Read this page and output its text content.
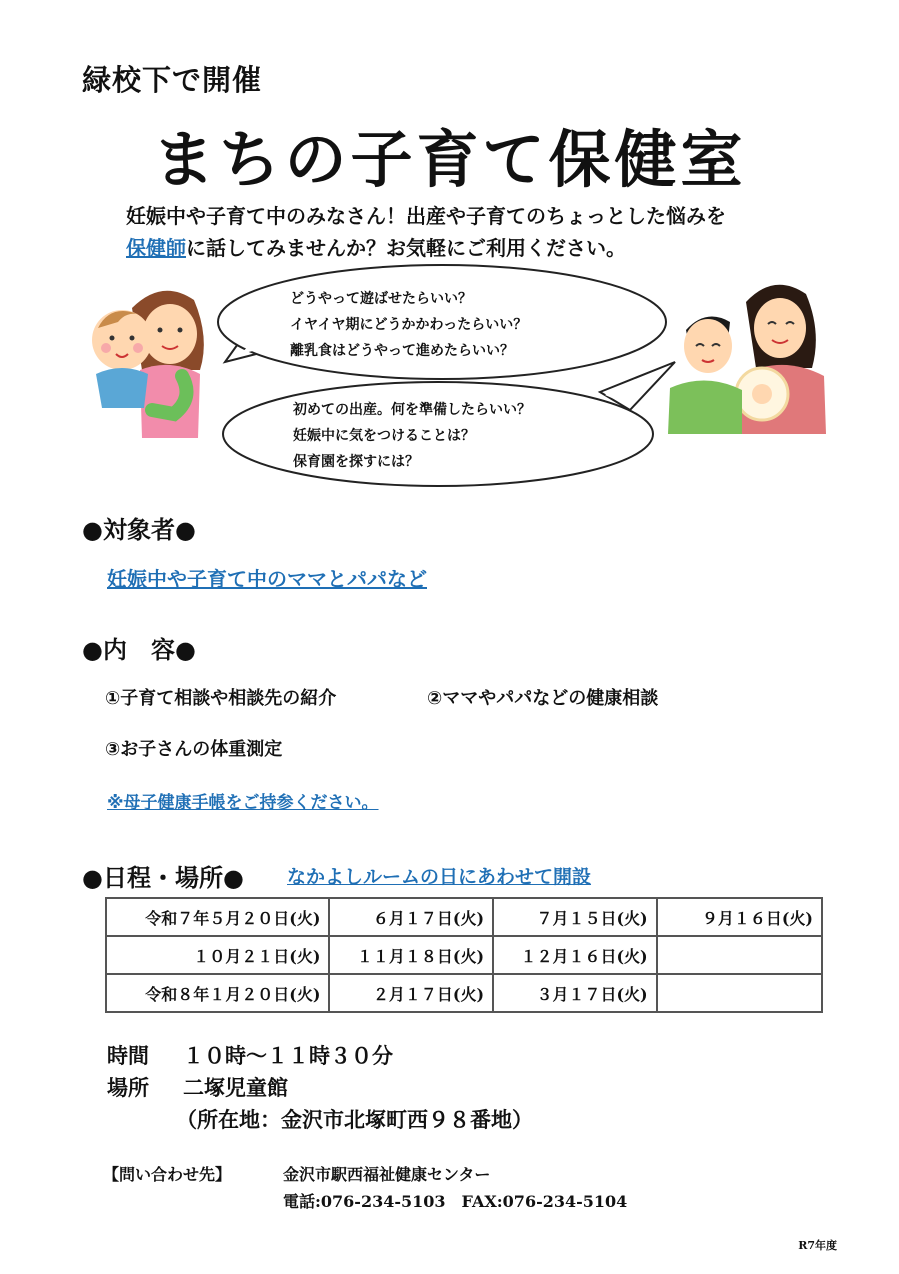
緑校下で開催
まちの子育て保健室
妊娠中や子育て中のみなさん！出産や子育てのちょっとした悩みを
保健師に話してみませんか？お気軽にご利用ください。
どうやって遊ばせたらいい？
イヤイヤ期にどうかかわったらいい？
離乳食はどうやって進めたらいい？
初めての出産。何を準備したらいい？
妊娠中に気をつけることは？
保育園を探すには？
●対象者●
妊娠中や子育て中のママとパパなど
●内　容●
①子育て相談や相談先の紹介	②ママやパパなどの健康相談
③お子さんの体重測定
※母子健康手帳をご持参ください。
●日程・場所● なかよしルームの日にあわせて開設
令和７年５月２０日(火)	６月１７日(火)	７月１５日(火)	９月１６日(火)
１０月２１日(火)	１１月１８日(火)	１２月１６日(火)	
令和８年１月２０日(火)	２月１７日(火)	３月１７日(火)	
時間 １０時～１１時３０分
場所 二塚児童館
（所在地：金沢市北塚町西９８番地）
【問い合わせ先】	金沢市駅西福祉健康センター
電話:076-234-5103　FAX:076-234-5104
R7年度
